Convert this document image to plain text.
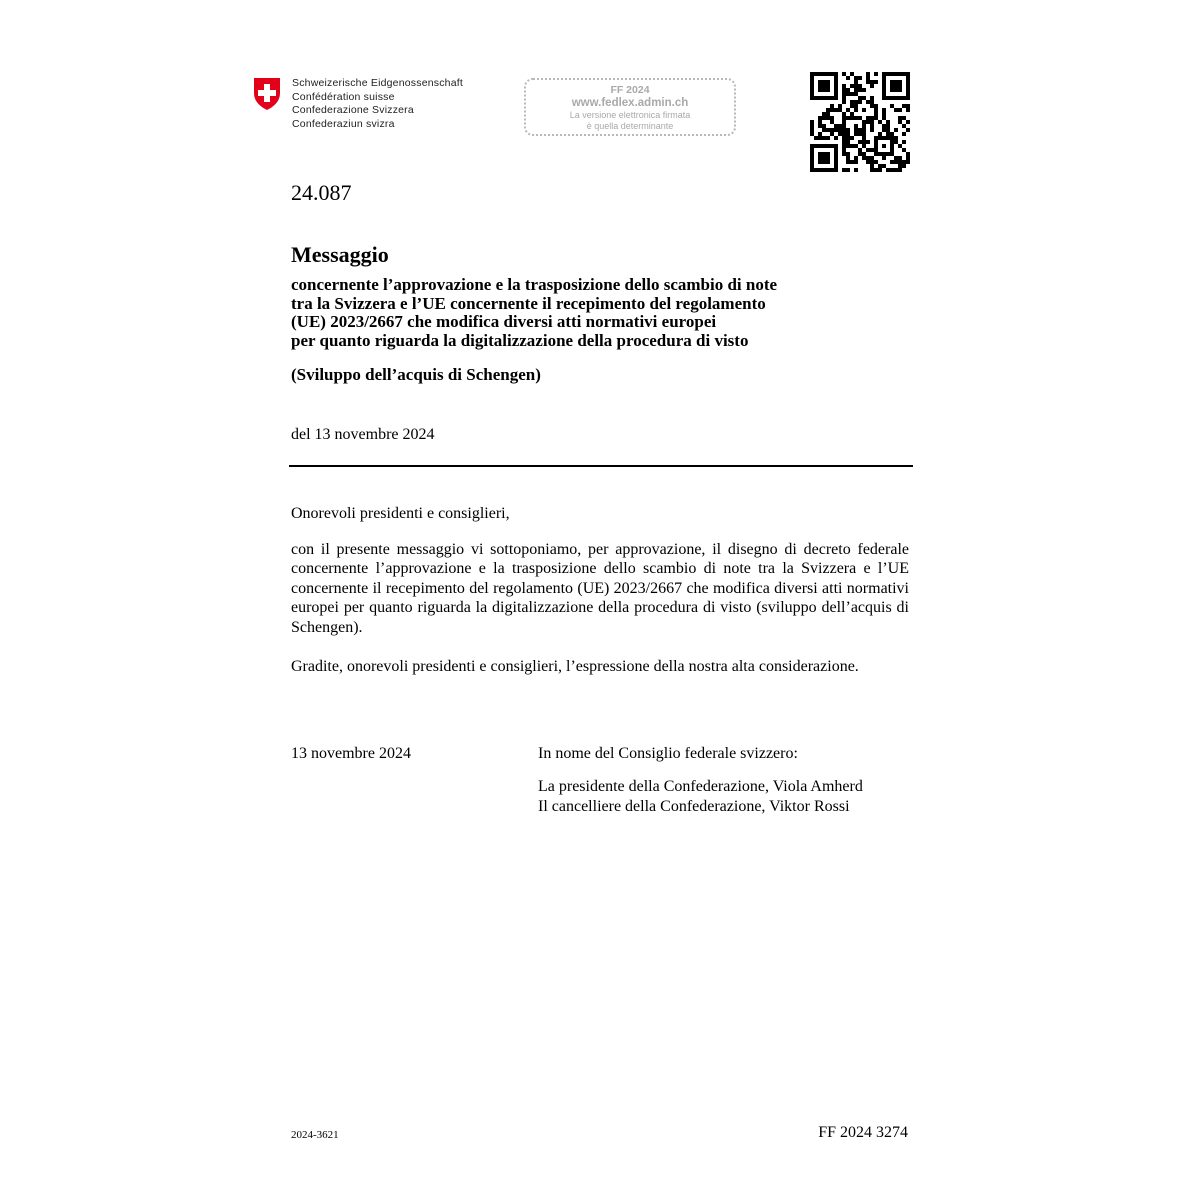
Schweizerische Eidgenossenschaft
Confédération suisse
Confederazione Svizzera
Confederaziun svizra
FF 2024
www.fedlex.admin.ch
La versione elettronica firmata
è quella determinante
24.087
Messaggio
concernente l’approvazione e la trasposizione dello scambio di note
tra la Svizzera e l’UE concernente il recepimento del regolamento
(UE) 2023/2667 che modifica diversi atti normativi europei
per quanto riguarda la digitalizzazione della procedura di visto
(Sviluppo dell’acquis di Schengen)
del 13 novembre 2024
Onorevoli presidenti e consiglieri,
con il presente messaggio vi sottoponiamo, per approvazione, il disegno di decreto federale concernente l’approvazione e la trasposizione dello scambio di note tra la Svizzera e l’UE concernente il recepimento del regolamento (UE) 2023/2667 che modifica diversi atti normativi europei per quanto riguarda la digitalizzazione della procedura di visto (sviluppo dell’acquis di Schengen).
Gradite, onorevoli presidenti e consiglieri, l’espressione della nostra alta considerazione.
13 novembre 2024	In nome del Consiglio federale svizzero:
La presidente della Confederazione, Viola Amherd
Il cancelliere della Confederazione, Viktor Rossi
2024-3621	FF 2024 3274
